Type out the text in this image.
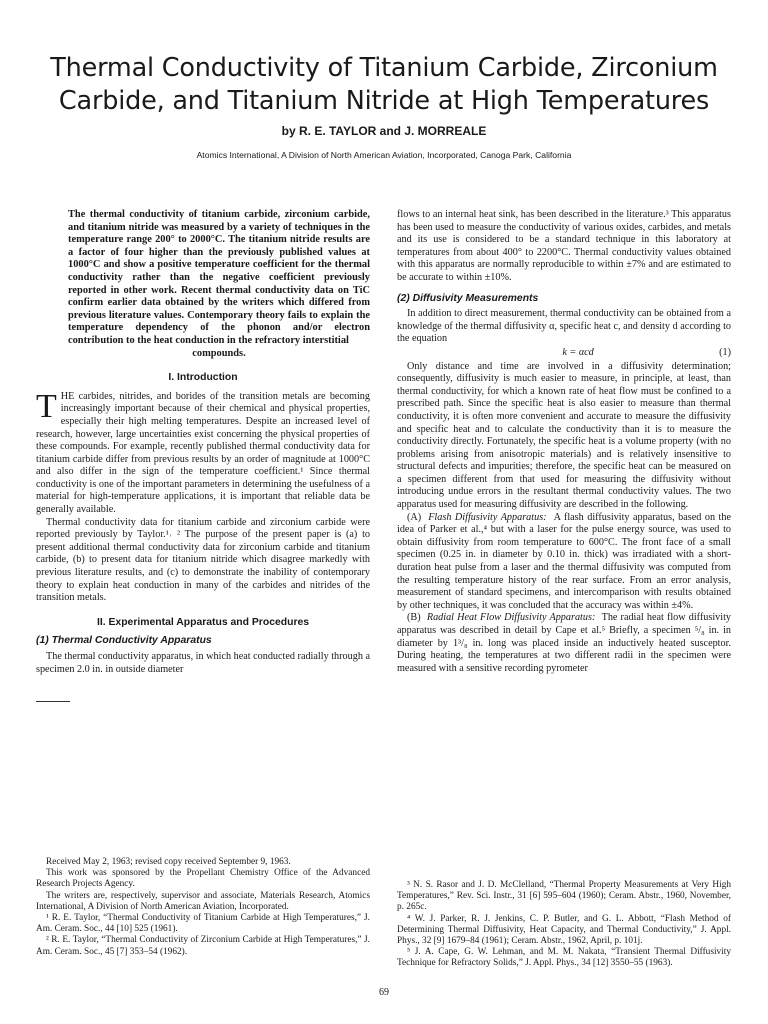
Thermal Conductivity of Titanium Carbide, Zirconium Carbide, and Titanium Nitride at High Temperatures
by R. E. TAYLOR and J. MORREALE
Atomics International, A Division of North American Aviation, Incorporated, Canoga Park, California
The thermal conductivity of titanium carbide, zirconium carbide, and titanium nitride was measured by a variety of techniques in the temperature range 200° to 2000°C. The titanium nitride results are a factor of four higher than the previously published values at 1000°C and show a positive temperature coefficient for the thermal conductivity rather than the negative coefficient previously reported in other work. Recent thermal conductivity data on TiC confirm earlier data obtained by the writers which differed from previous literature values. Contemporary theory fails to explain the temperature dependency of the phonon and/or electron contribution to the heat conduction in the refractory interstitial
compounds.
I. Introduction

THE carbides, nitrides, and borides of the transition metals are becoming increasingly important because of their chemical and physical properties, especially their high melting temperatures. Despite an increased level of research, however, large uncertainties exist concerning the physical properties of these compounds. For example, recently published thermal conductivity data for titanium carbide differ from previous results by an order of magnitude at 1000°C and also differ in the sign of the temperature coefficient.¹ Since thermal conductivity is one of the important parameters in determining the usefulness of a material for high-temperature applications, it is important that reliable data be generally available.

Thermal conductivity data for titanium carbide and zirconium carbide were reported previously by Taylor.¹˒ ² The purpose of the present paper is (a) to present additional thermal conductivity data for zirconium carbide and titanium carbide, (b) to present data for titanium nitride which disagree markedly with previous literature results, and (c) to demonstrate the inability of contemporary theory to explain heat conduction in many of the carbides and nitrides of the transition metals.

II. Experimental Apparatus and Procedures
(1) Thermal Conductivity Apparatus

The thermal conductivity apparatus, in which heat conducted radially through a specimen 2.0 in. in outside diameter

flows to an internal heat sink, has been described in the literature.³ This apparatus has been used to measure the conductivity of various oxides, carbides, and metals and its use is considered to be a standard technique in this laboratory at temperatures from about 400° to 2200°C. Thermal conductivity values obtained with this apparatus are normally reproducible to within ±7% and are estimated to be accurate to within ±10%.

(2) Diffusivity Measurements

In addition to direct measurement, thermal conductivity can be obtained from a knowledge of the thermal diffusivity α, specific heat c, and density d according to the equation

k = αcd	(1)

Only distance and time are involved in a diffusivity determination; consequently, diffusivity is much easier to measure, in principle, at least, than thermal conductivity, for which a known rate of heat flow must be confined to a prescribed path. Since the specific heat is also easier to measure than thermal conductivity, it is often more convenient and accurate to measure the diffusivity and specific heat and to calculate the conductivity than it is to measure the conductivity directly. Fortunately, the specific heat is a volume property (with no problems arising from anisotropic materials) and is relatively insensitive to structural defects and impurities; therefore, the specific heat can be measured on a specimen different from that used for measuring the diffusivity without introducing undue errors in the resultant thermal conductivity values. The two apparatus used for measuring diffusivity are described in the following.

(A) Flash Diffusivity Apparatus: A flash diffusivity apparatus, based on the idea of Parker et al.,⁴ but with a laser for the pulse energy source, was used to obtain diffusivity from room temperature to 600°C. The front face of a small specimen (0.25 in. in diameter by 0.10 in. thick) was irradiated with a short-duration heat pulse from a laser and the thermal diffusivity was computed from the resulting temperature history of the rear surface. From an error analysis, measurement of standard specimens, and intercomparison with results obtained by other techniques, it was concluded that the accuracy was within ±4%.

(B) Radial Heat Flow Diffusivity Apparatus: The radial heat flow diffusivity apparatus was described in detail by Cape et al.⁵ Briefly, a specimen ⁵/₈ in. in diameter by 1³/₈ in. long was placed inside an inductively heated susceptor. During heating, the temperatures at two different radii in the specimen were measured with a sensitive recording pyrometer

Received May 2, 1963; revised copy received September 9, 1963.

This work was sponsored by the Propellant Chemistry Office of the Advanced Research Projects Agency.

The writers are, respectively, supervisor and associate, Materials Research, Atomics International, A Division of North American Aviation, Incorporated.

¹ R. E. Taylor, “Thermal Conductivity of Titanium Carbide at High Temperatures,” J. Am. Ceram. Soc., 44 [10] 525 (1961).

² R. E. Taylor, “Thermal Conductivity of Zirconium Carbide at High Temperatures,” J. Am. Ceram. Soc., 45 [7] 353–54 (1962).

³ N. S. Rasor and J. D. McClelland, “Thermal Property Measurements at Very High Temperatures,” Rev. Sci. Instr., 31 [6] 595–604 (1960); Ceram. Abstr., 1960, November, p. 265c.

⁴ W. J. Parker, R. J. Jenkins, C. P. Butler, and G. L. Abbott, “Flash Method of Determining Thermal Diffusivity, Heat Capacity, and Thermal Conductivity,” J. Appl. Phys., 32 [9] 1679–84 (1961); Ceram. Abstr., 1962, April, p. 101j.

⁵ J. A. Cape, G. W. Lehman, and M. M. Nakata, “Transient Thermal Diffusivity Technique for Refractory Solids,” J. Appl. Phys., 34 [12] 3550–55 (1963).

69
